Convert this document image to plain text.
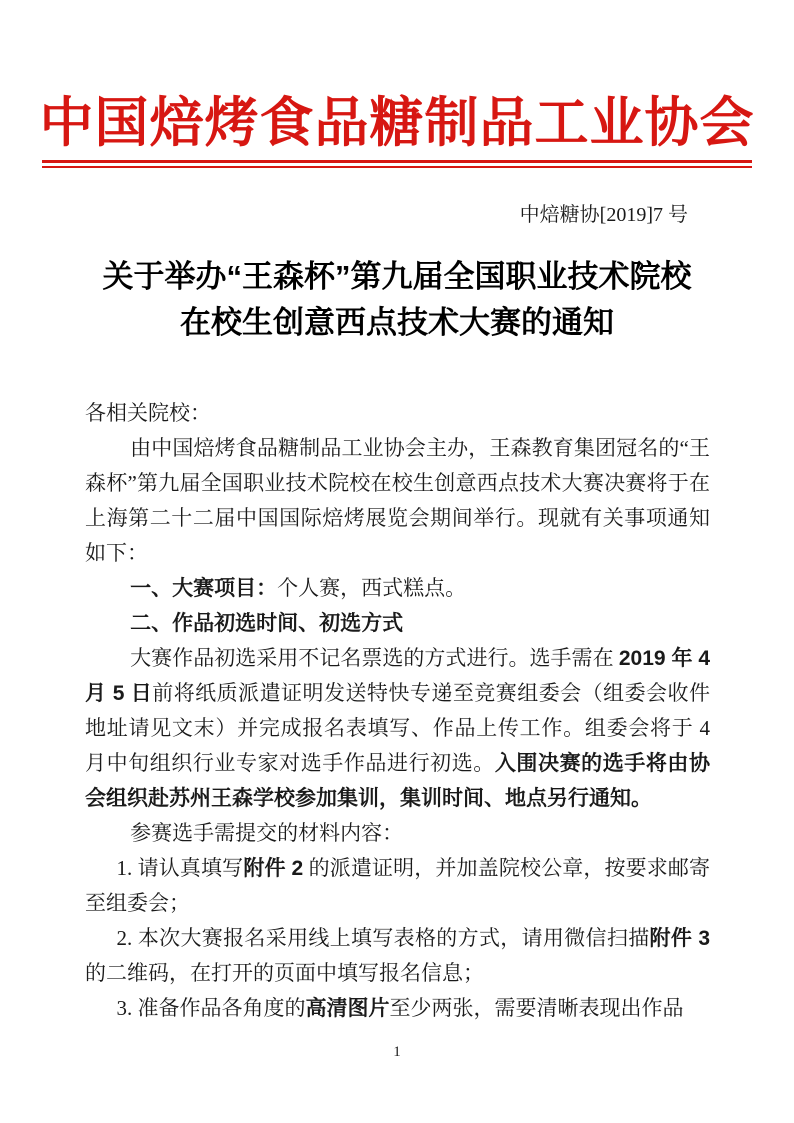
中国焙烤食品糖制品工业协会
中焙糖协[2019]7 号
关于举办“王森杯”第九届全国职业技术院校
在校生创意西点技术大赛的通知

各相关院校：

由中国焙烤食品糖制品工业协会主办，王森教育集团冠名的“王森杯”第九届全国职业技术院校在校生创意西点技术大赛决赛将于在上海第二十二届中国国际焙烤展览会期间举行。现就有关事项通知如下：

一、大赛项目：个人赛，西式糕点。

二、作品初选时间、初选方式

大赛作品初选采用不记名票选的方式进行。选手需在 2019 年 4 月 5 日前将纸质派遣证明发送特快专递至竞赛组委会（组委会收件地址请见文末）并完成报名表填写、作品上传工作。组委会将于 4 月中旬组织行业专家对选手作品进行初选。入围决赛的选手将由协会组织赴苏州王森学校参加集训，集训时间、地点另行通知。

参赛选手需提交的材料内容：

1. 请认真填写附件 2 的派遣证明，并加盖院校公章，按要求邮寄至组委会；

2. 本次大赛报名采用线上填写表格的方式，请用微信扫描附件 3 的二维码，在打开的页面中填写报名信息；

3. 准备作品各角度的高清图片至少两张，需要清晰表现出作品

1
